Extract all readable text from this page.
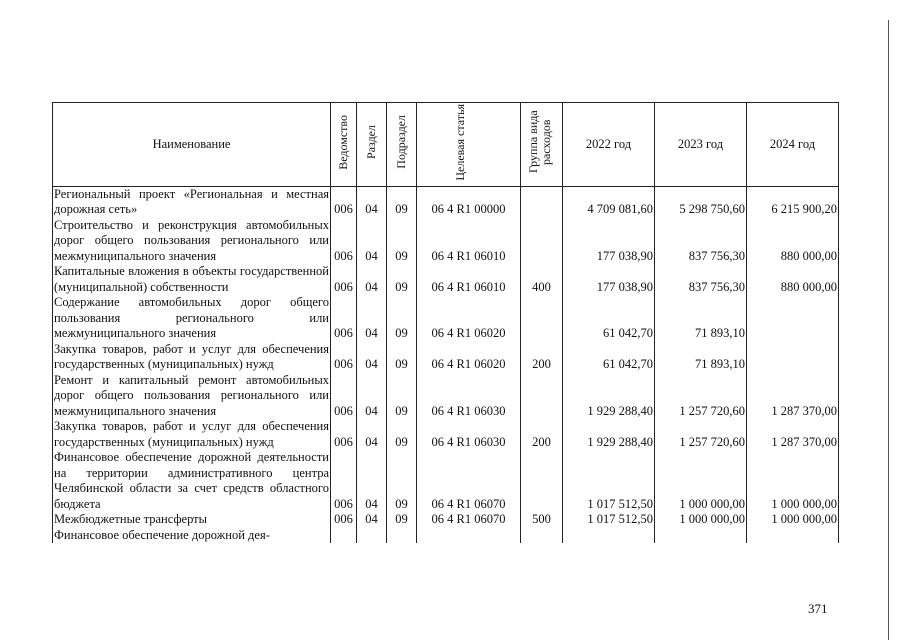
Наименование	Ведомство	Раздел	Подраздел	Целевая статья	Группа вида расходов	2022 год	2023 год	2024 год
Региональный проект «Региональная и местная дорожная сеть»	006	04	09	06 4 R1 00000		4 709 081,60	5 298 750,60	6 215 900,20
Строительство и реконструкция автомобильных дорог общего пользования регионального или межмуниципального значения	006	04	09	06 4 R1 06010		177 038,90	837 756,30	880 000,00
Капитальные вложения в объекты государственной (муниципальной) собственности	006	04	09	06 4 R1 06010	400	177 038,90	837 756,30	880 000,00
Содержание автомобильных дорог общего пользования регионального или межмуниципального значения	006	04	09	06 4 R1 06020		61 042,70	71 893,10	
Закупка товаров, работ и услуг для обеспечения государственных (муниципальных) нужд	006	04	09	06 4 R1 06020	200	61 042,70	71 893,10	
Ремонт и капитальный ремонт автомобильных дорог общего пользования регионального или межмуниципального значения	006	04	09	06 4 R1 06030		1 929 288,40	1 257 720,60	1 287 370,00
Закупка товаров, работ и услуг для обеспечения государственных (муниципальных) нужд	006	04	09	06 4 R1 06030	200	1 929 288,40	1 257 720,60	1 287 370,00
Финансовое обеспечение дорожной деятельности на территории административного центра Челябинской области за счет средств областного бюджета	006	04	09	06 4 R1 06070		1 017 512,50	1 000 000,00	1 000 000,00
Межбюджетные трансферты	006	04	09	06 4 R1 06070	500	1 017 512,50	1 000 000,00	1 000 000,00
Финансовое обеспечение дорожной дея-								
371
